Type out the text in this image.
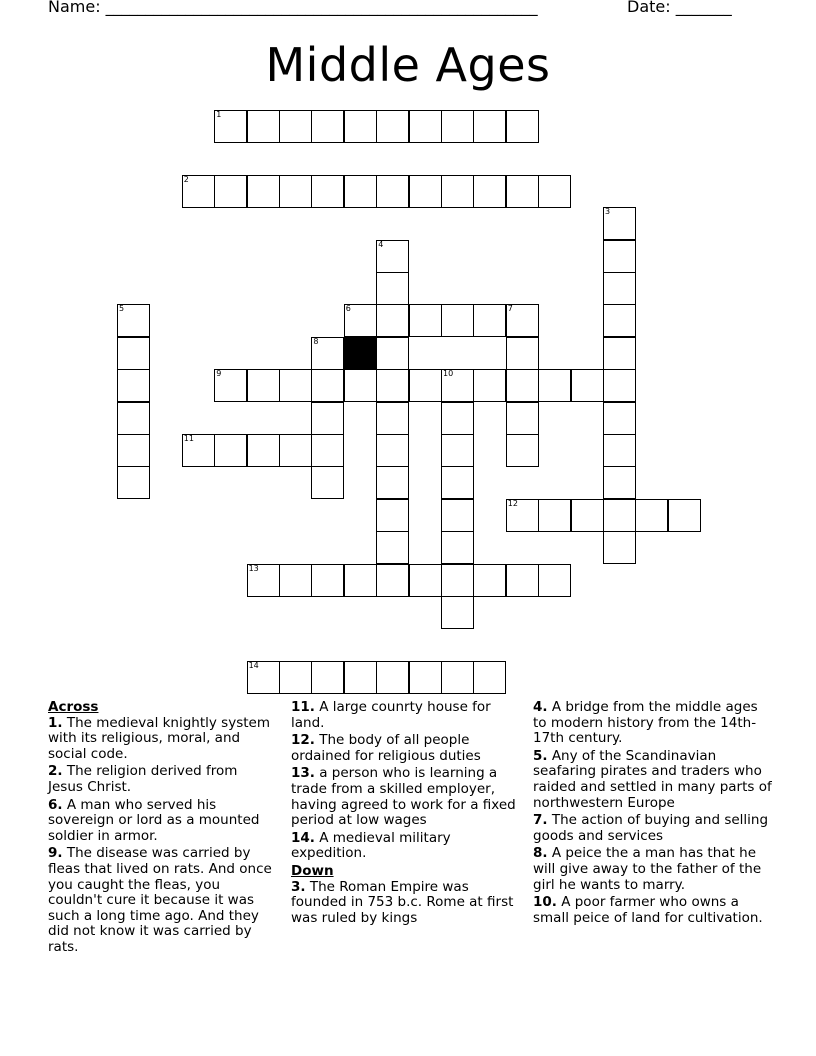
Name: ______________________________________________________	Date: _______
Middle Ages
1
2
6	7
9	10
11
12
13
14
3
4
5
8
Across
1. The medieval knightly system with its religious, moral, and social code.
2. The religion derived from Jesus Christ.
6. A man who served his sovereign or lord as a mounted soldier in armor.
9. The disease was carried by fleas that lived on rats. And once you caught the fleas, you couldn't cure it because it was such a long time ago. And they did not know it was carried by rats.
11. A large counrty house for land.
12. The body of all people ordained for religious duties
13. a person who is learning a trade from a skilled employer, having agreed to work for a fixed period at low wages
14. A medieval military expedition.
Down
3. The Roman Empire was founded in 753 b.c. Rome at first was ruled by kings
4. A bridge from the middle ages to modern history from the 14th-17th century.
5. Any of the Scandinavian seafaring pirates and traders who raided and settled in many parts of northwestern Europe
7. The action of buying and selling goods and services
8. A peice the a man has that he will give away to the father of the girl he wants to marry.
10. A poor farmer who owns a small peice of land for cultivation.
